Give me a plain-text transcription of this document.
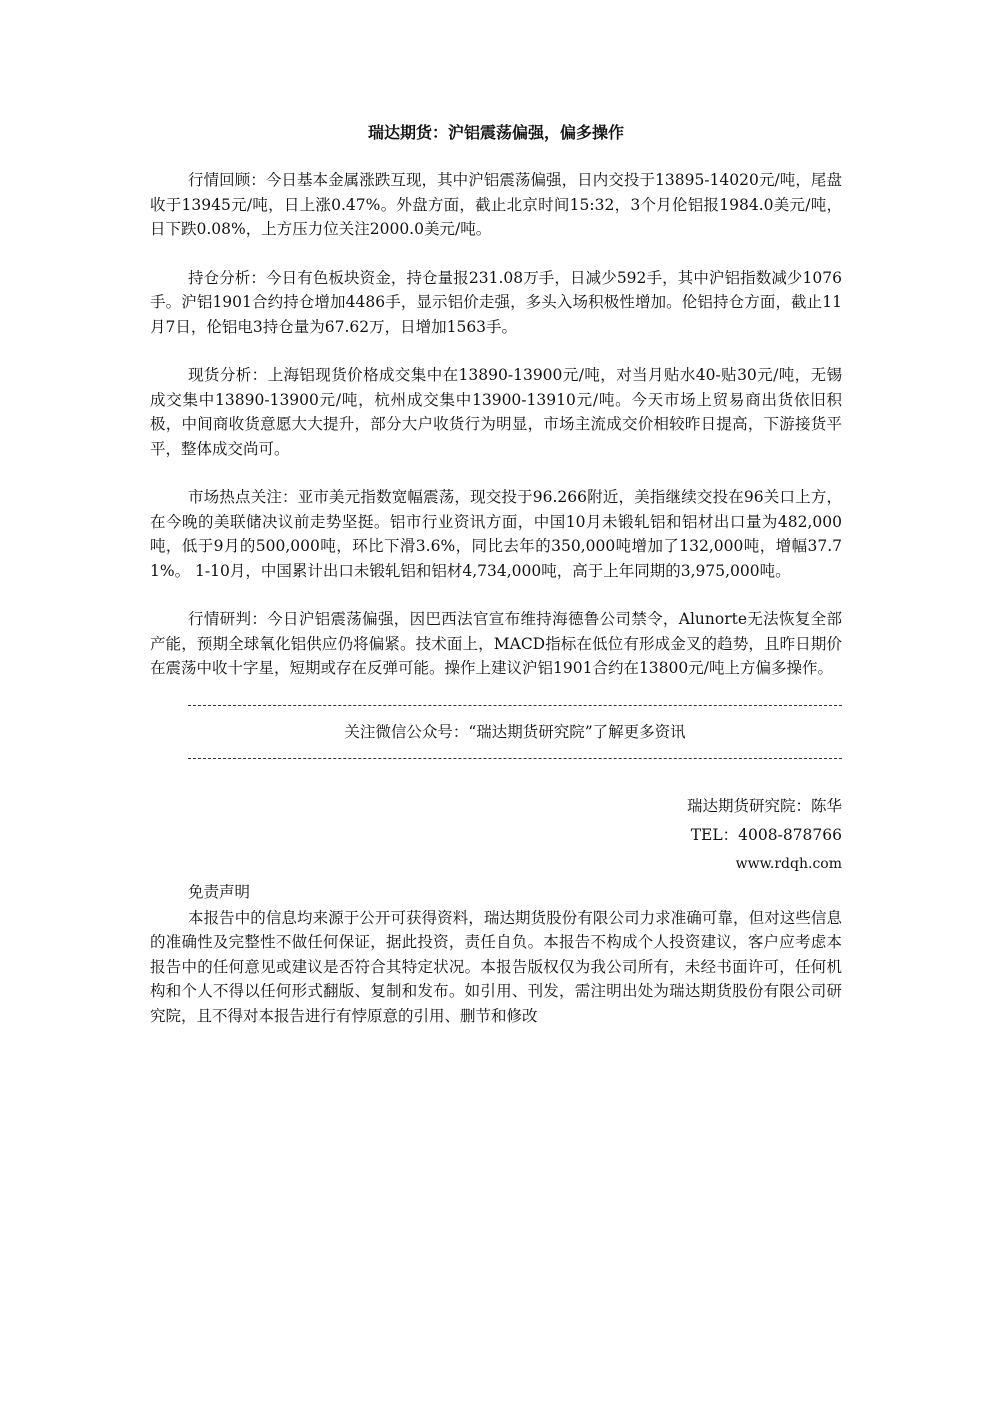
瑞达期货：沪铝震荡偏强，偏多操作

行情回顾：今日基本金属涨跌互现，其中沪铝震荡偏强，日内交投于13895-14020元/吨，尾盘收于13945元/吨，日上涨0.47%。外盘方面，截止北京时间15:32，3个月伦铝报1984.0美元/吨，日下跌0.08%，上方压力位关注2000.0美元/吨。

持仓分析：今日有色板块资金，持仓量报231.08万手，日减少592手，其中沪铝指数减少1076手。沪铝1901合约持仓增加4486手，显示铝价走强，多头入场积极性增加。伦铝持仓方面，截止11月7日，伦铝电3持仓量为67.62万，日增加1563手。

现货分析：上海铝现货价格成交集中在13890-13900元/吨，对当月贴水40-贴30元/吨，无锡成交集中13890-13900元/吨，杭州成交集中13900-13910元/吨。今天市场上贸易商出货依旧积极，中间商收货意愿大大提升，部分大户收货行为明显，市场主流成交价相较昨日提高，下游接货平平，整体成交尚可。

市场热点关注：亚市美元指数宽幅震荡，现交投于96.266附近，美指继续交投在96关口上方，在今晚的美联储决议前走势坚挺。铝市行业资讯方面，中国10月未锻轧铝和铝材出口量为482,000吨，低于9月的500,000吨，环比下滑3.6%，同比去年的350,000吨增加了132,000吨，增幅37.71%。 1-10月，中国累计出口未锻轧铝和铝材4,734,000吨，高于上年同期的3,975,000吨。

行情研判：今日沪铝震荡偏强，因巴西法官宣布维持海德鲁公司禁令，Alunorte无法恢复全部产能，预期全球氧化铝供应仍将偏紧。技术面上，MACD指标在低位有形成金叉的趋势，且昨日期价在震荡中收十字星，短期或存在反弹可能。操作上建议沪铝1901合约在13800元/吨上方偏多操作。

关注微信公众号：“瑞达期货研究院”了解更多资讯
瑞达期货研究院：陈华
TEL：4008-878766
www.rdqh.com
免责声明

本报告中的信息均来源于公开可获得资料，瑞达期货股份有限公司力求准确可靠，但对这些信息的准确性及完整性不做任何保证，据此投资，责任自负。本报告不构成个人投资建议，客户应考虑本报告中的任何意见或建议是否符合其特定状况。本报告版权仅为我公司所有，未经书面许可，任何机构和个人不得以任何形式翻版、复制和发布。如引用、刊发，需注明出处为瑞达期货股份有限公司研究院，且不得对本报告进行有悖原意的引用、删节和修改
